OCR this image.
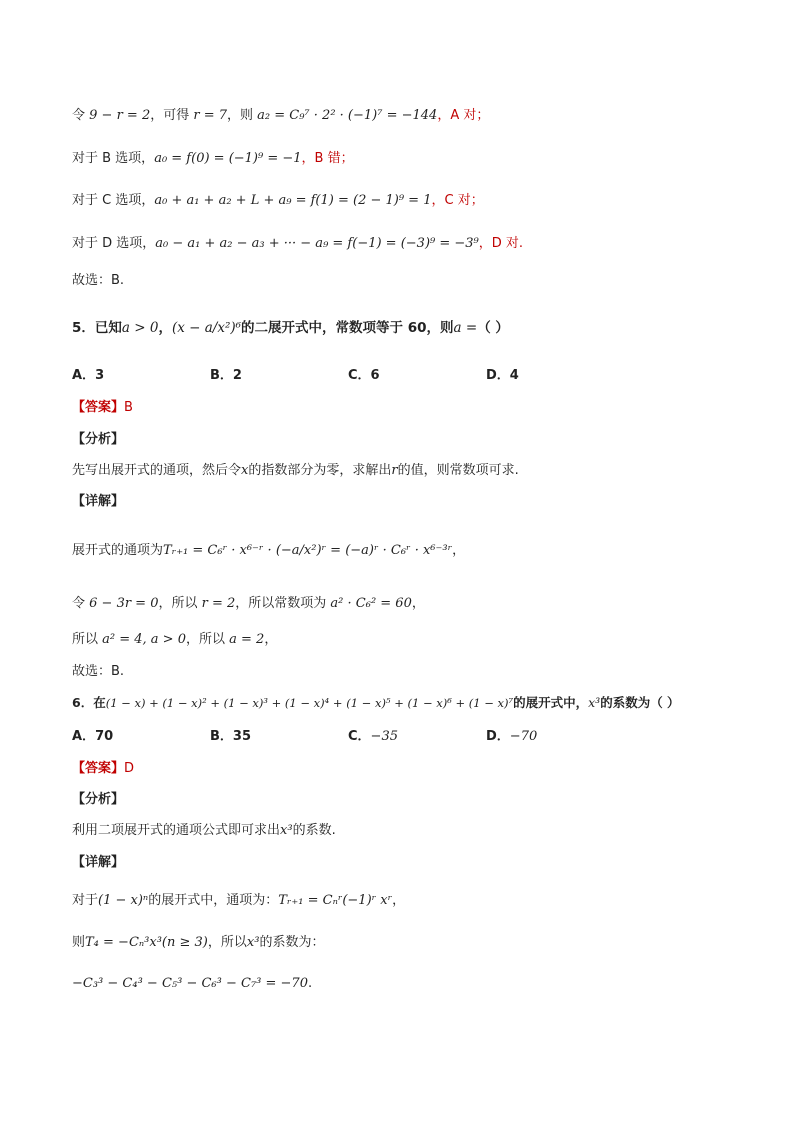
令 9 − r = 2，可得 r = 7，则 a₂ = C₉⁷ · 2² · (−1)⁷ = −144，A 对；
对于 B 选项，a₀ = f(0) = (−1)⁹ = −1，B 错；
对于 C 选项，a₀ + a₁ + a₂ + L + a₉ = f(1) = (2 − 1)⁹ = 1，C 对；
对于 D 选项，a₀ − a₁ + a₂ − a₃ + ··· − a₉ = f(−1) = (−3)⁹ = −3⁹，D 对.
故选：B.
5．已知a > 0，(x − a/x²)⁶的二展开式中，常数项等于 60，则a =（ ）
A．3	B．2	C．6	D．4
【答案】B
【分析】
先写出展开式的通项，然后令x的指数部分为零，求解出r的值，则常数项可求.
【详解】
展开式的通项为Tᵣ₊₁ = C₆ʳ · x⁶⁻ʳ · (−a/x²)ʳ = (−a)ʳ · C₆ʳ · x⁶⁻³ʳ，
令 6 − 3r = 0，所以 r = 2，所以常数项为 a² · C₆² = 60，
所以 a² = 4, a > 0，所以 a = 2，
故选：B.
6．在(1 − x) + (1 − x)² + (1 − x)³ + (1 − x)⁴ + (1 − x)⁵ + (1 − x)⁶ + (1 − x)⁷的展开式中，x³的系数为（ ）
A．70	B．35	C．−35	D．−70
【答案】D
【分析】
利用二项展开式的通项公式即可求出x³的系数.
【详解】
对于(1 − x)ⁿ的展开式中，通项为：Tᵣ₊₁ = Cₙʳ(−1)ʳ xʳ，
则T₄ = −Cₙ³x³(n ≥ 3)，所以x³的系数为：
−C₃³ − C₄³ − C₅³ − C₆³ − C₇³ = −70.
